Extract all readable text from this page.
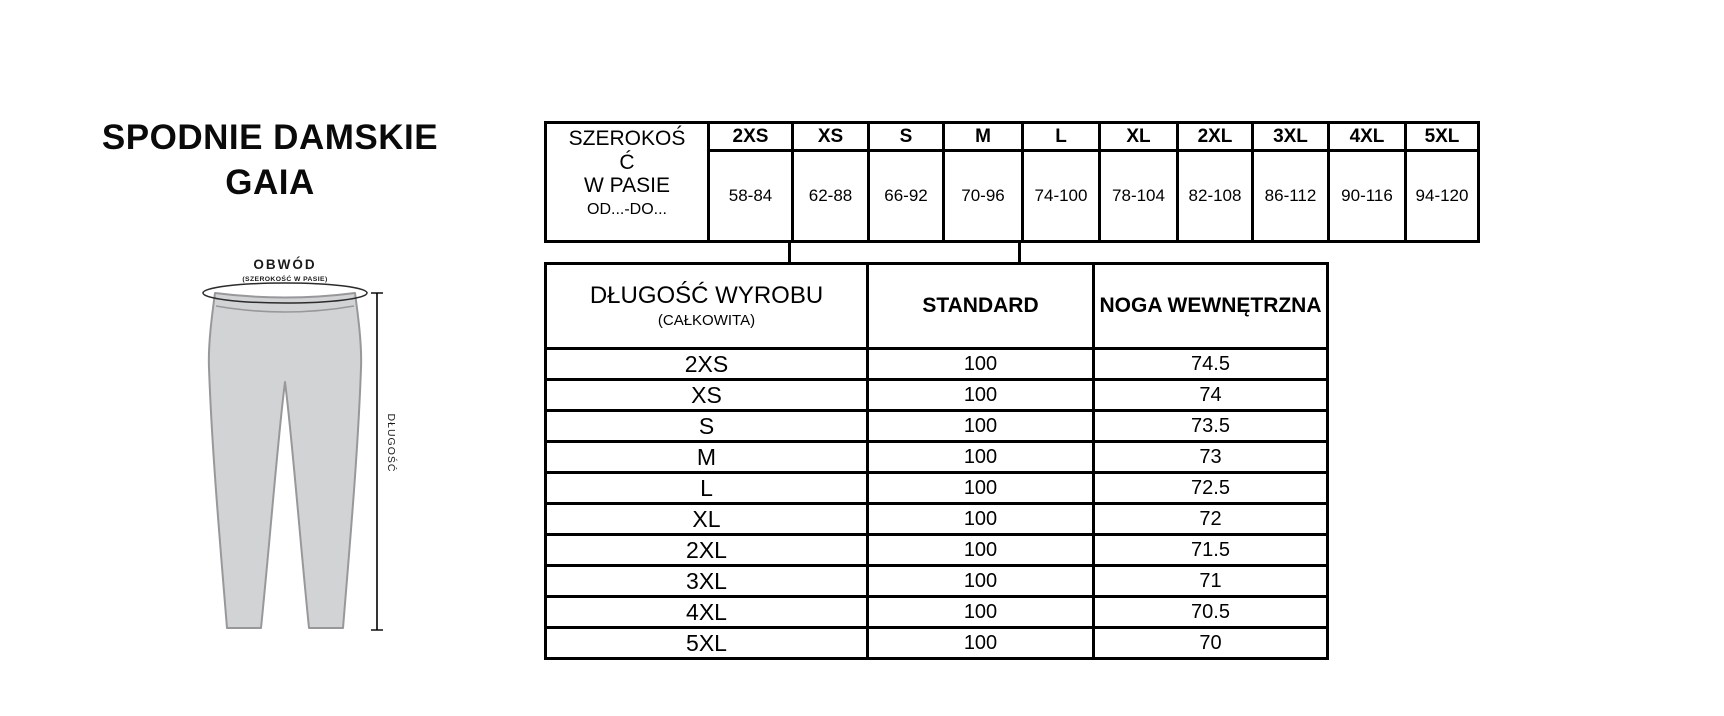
SPODNIE DAMSKIE
GAIA
OBWÓD
(SZEROKOŚĆ W PASIE)
DŁUGOŚĆ
SZEROKOŚ
Ć
W PASIE
OD...-DO...	2XS	XS	S	M	L	XL	2XL	3XL	4XL	5XL
	58-84	62-88	66-92	70-96	74-100	78-104	82-108	86-112	90-116	94-120
DŁUGOŚĆ WYROBU
(CAŁKOWITA)	STANDARD	NOGA WEWNĘTRZNA
2XS	100	74.5
XS	100	74
S	100	73.5
M	100	73
L	100	72.5
XL	100	72
2XL	100	71.5
3XL	100	71
4XL	100	70.5
5XL	100	70
